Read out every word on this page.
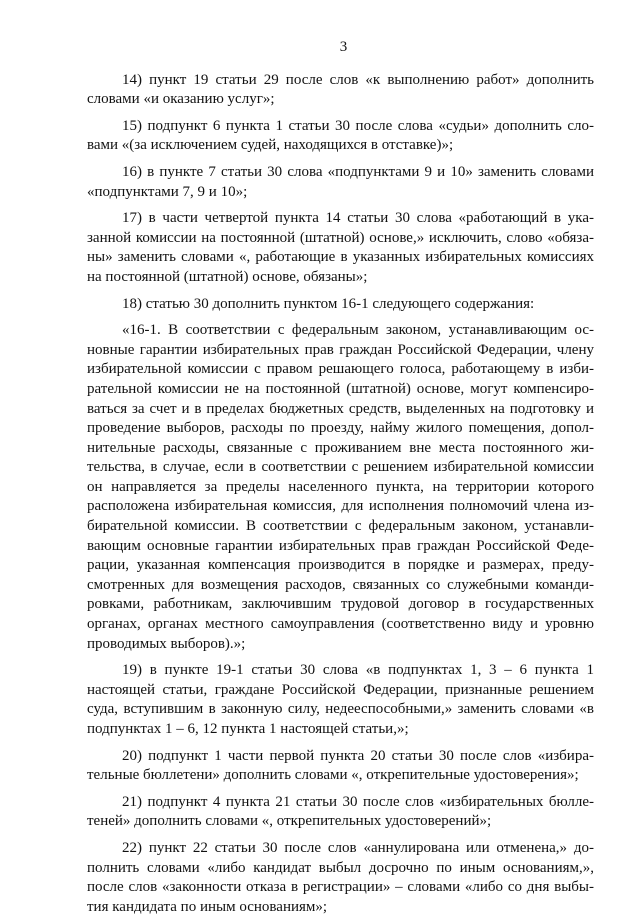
3

14) пункт 19 статьи 29 после слов «к выполнению работ» дополнить словами «и оказанию услуг»;

15) подпункт 6 пункта 1 статьи 30 после слова «судьи» дополнить словами «(за исключением судей, находящихся в отставке)»;

16) в пункте 7 статьи 30 слова «подпунктами 9 и 10» заменить словами «подпунктами 7, 9 и 10»;

17) в части четвертой пункта 14 статьи 30 слова «работающий в указанной комиссии на постоянной (штатной) основе,» исключить, слово «обязаны» заменить словами «, работающие в указанных избирательных комиссиях на постоянной (штатной) основе, обязаны»;

18) статью 30 дополнить пунктом 16-1 следующего содержания:

«16-1. В соответствии с федеральным законом, устанавливающим основные гарантии избирательных прав граждан Российской Федерации, члену избирательной комиссии с правом решающего голоса, работающему в избирательной комиссии не на постоянной (штатной) основе, могут компенсироваться за счет и в пределах бюджетных средств, выделенных на подготовку и проведение выборов, расходы по проезду, найму жилого помещения, дополнительные расходы, связанные с проживанием вне места постоянного жительства, в случае, если в соответствии с решением избирательной комиссии он направляется за пределы населенного пункта, на территории которого расположена избирательная комиссия, для исполнения полномочий члена избирательной комиссии. В соответствии с федеральным законом, устанавливающим основные гарантии избирательных прав граждан Российской Федерации, указанная компенсация производится в порядке и размерах, предусмотренных для возмещения расходов, связанных со служебными командировками, работникам, заключившим трудовой договор в государственных органах, органах местного самоуправления (соответственно виду и уровню проводимых выборов).»;

19) в пункте 19-1 статьи 30 слова «в подпунктах 1, 3 – 6 пункта 1 настоящей статьи, граждане Российской Федерации, признанные решением суда, вступившим в законную силу, недееспособными,» заменить словами «в подпунктах 1 – 6, 12 пункта 1 настоящей статьи,»;

20) подпункт 1 части первой пункта 20 статьи 30 после слов «избирательные бюллетени» дополнить словами «, открепительные удостоверения»;

21) подпункт 4 пункта 21 статьи 30 после слов «избирательных бюллетеней» дополнить словами «, открепительных удостоверений»;

22) пункт 22 статьи 30 после слов «аннулирована или отменена,» дополнить словами «либо кандидат выбыл досрочно по иным основаниям,», после слов «законности отказа в регистрации» – словами «либо со дня выбытия кандидата по иным основаниям»;
